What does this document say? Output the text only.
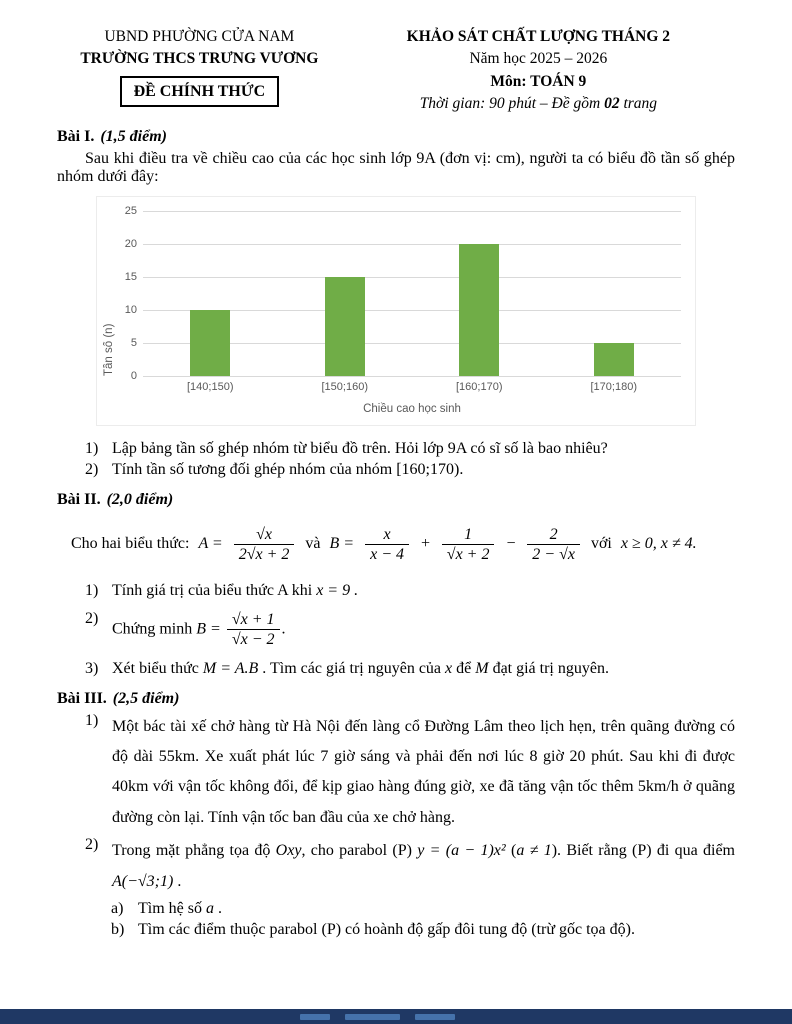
UBND PHƯỜNG CỬA NAM
TRƯỜNG THCS TRƯNG VƯƠNG
ĐỀ CHÍNH THỨC
KHẢO SÁT CHẤT LƯỢNG THÁNG 2
Năm học 2025 – 2026
Môn: TOÁN 9
Thời gian: 90 phút – Đề gồm 02 trang
Bài I. (1,5 điểm)

Sau khi điều tra về chiều cao của các học sinh lớp 9A (đơn vị: cm), người ta có biểu đồ tần số ghép nhóm dưới đây:

Tần số (n) 0
5
10
15
20
25
[140;150)	[150;160)	[160;170)	[170;180)
Chiều cao học sinh
1) Lập bảng tần số ghép nhóm từ biểu đồ trên. Hỏi lớp 9A có sĩ số là bao nhiêu?
2) Tính tần số tương đối ghép nhóm của nhóm [160;170).
Bài II. (2,0 điểm)
Cho hai biểu thức: $A = \frac{√x}{2√x + 2}$ và $B = \frac{x}{x - 4} + \frac{1}{√x + 2} - \frac{2}{2 - √x}$ với x ≥ 0, x ≠ 4.
1) Tính giá trị của biểu thức A khi x = 9 .
2)
Chứng minh $B = \frac{√x + 1}{√x - 2}$ .
3) Xét biểu thức M = A.B . Tìm các giá trị nguyên của x để M đạt giá trị nguyên.
Bài III. (2,5 điểm)
1) Một bác tài xế chở hàng từ Hà Nội đến làng cổ Đường Lâm theo lịch hẹn, trên quãng đường có độ dài 55km. Xe xuất phát lúc 7 giờ sáng và phải đến nơi lúc 8 giờ 20 phút. Sau khi đi được 40km với vận tốc không đổi, để kịp giao hàng đúng giờ, xe đã tăng vận tốc thêm 5km/h ở quãng đường còn lại. Tính vận tốc ban đầu của xe chở hàng.
2) Trong mặt phẳng tọa độ Oxy, cho parabol (P) y = (a − 1)x² (a ≠ 1). Biết rằng (P) đi qua điểm A(−√3;1) .
a) Tìm hệ số a .
b) Tìm các điểm thuộc parabol (P) có hoành độ gấp đôi tung độ (trừ gốc tọa độ).
